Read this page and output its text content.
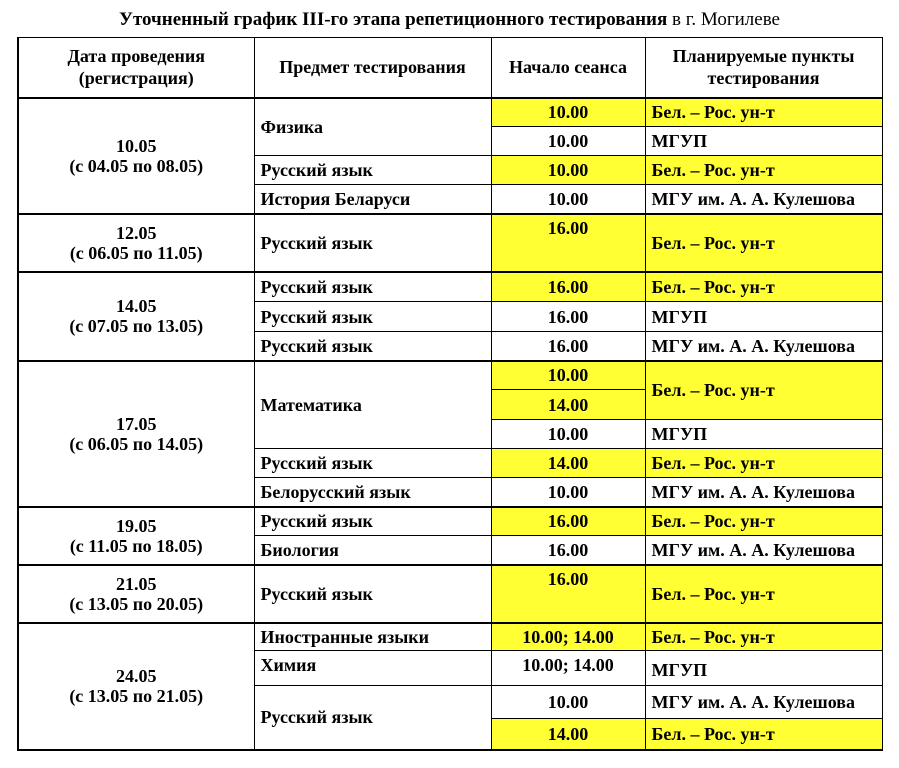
Уточненный график III-го этапа репетиционного тестирования в г. Могилеве
Дата проведения (регистрация)	Предмет тестирования	Начало сеанса	Планируемые пункты тестирования
10.05
(с 04.05 по 08.05)	Физика	10.00	Бел. – Рос. ун-т
		10.00	МГУП
	Русский язык	10.00	Бел. – Рос. ун-т
	История Беларуси	10.00	МГУ им. А. А. Кулешова
12.05
(с 06.05 по 11.05)	Русский язык	16.00	Бел. – Рос. ун-т
14.05
(с 07.05 по 13.05)	Русский язык	16.00	Бел. – Рос. ун-т
	Русский язык	16.00	МГУП
	Русский язык	16.00	МГУ им. А. А. Кулешова
17.05
(с 06.05 по 14.05)	Математика	10.00	Бел. – Рос. ун-т
		14.00	
		10.00	МГУП
	Русский язык	14.00	Бел. – Рос. ун-т
	Белорусский язык	10.00	МГУ им. А. А. Кулешова
19.05
(с 11.05 по 18.05)	Русский язык	16.00	Бел. – Рос. ун-т
	Биология	16.00	МГУ им. А. А. Кулешова
21.05
(с 13.05 по 20.05)	Русский язык	16.00	Бел. – Рос. ун-т
24.05
(с 13.05 по 21.05)	Иностранные языки	10.00; 14.00	Бел. – Рос. ун-т
	Химия	10.00; 14.00	МГУП
	Русский язык	10.00	МГУ им. А. А. Кулешова
		14.00	Бел. – Рос. ун-т
